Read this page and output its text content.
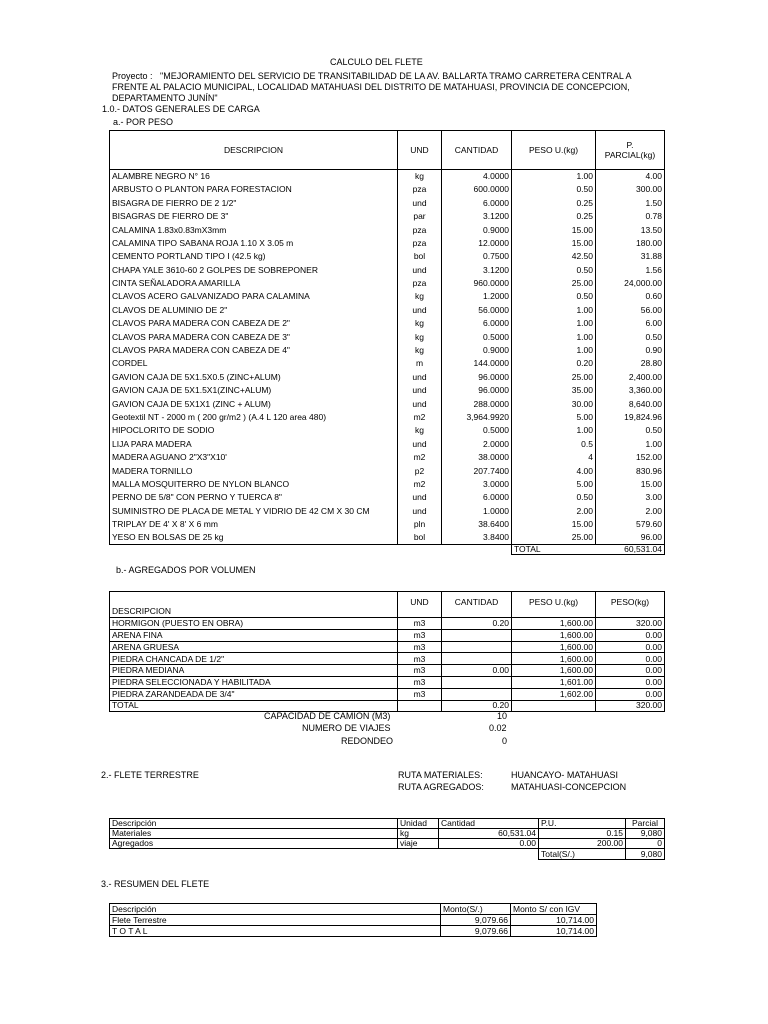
CALCULO DEL FLETE
Proyecto : "MEJORAMIENTO DEL SERVICIO DE TRANSITABILIDAD DE LA AV. BALLARTA TRAMO CARRETERA CENTRAL A
FRENTE AL PALACIO MUNICIPAL, LOCALIDAD MATAHUASI DEL DISTRITO DE MATAHUASI, PROVINCIA DE CONCEPCION,
DEPARTAMENTO JUNÍN"
1.0.- DATOS GENERALES DE CARGA
a.- POR PESO
DESCRIPCION	UND	CANTIDAD	PESO U.(kg)	P.
PARCIAL(kg)

ALAMBRE NEGRO N° 16	kg	4.0000	1.00	4.00
ARBUSTO O PLANTON PARA FORESTACION	pza	600.0000	0.50	300.00
BISAGRA DE FIERRO DE 2 1/2"	und	6.0000	0.25	1.50
BISAGRAS DE FIERRO DE 3"	par	3.1200	0.25	0.78
CALAMINA 1.83x0.83mX3mm	pza	0.9000	15.00	13.50
CALAMINA TIPO SABANA ROJA 1.10 X 3.05 m	pza	12.0000	15.00	180.00
CEMENTO PORTLAND TIPO I (42.5 kg)	bol	0.7500	42.50	31.88
CHAPA YALE 3610-60 2 GOLPES DE SOBREPONER	und	3.1200	0.50	1.56
CINTA SEÑALADORA AMARILLA	pza	960.0000	25.00	24,000.00
CLAVOS ACERO GALVANIZADO PARA CALAMINA	kg	1.2000	0.50	0.60
CLAVOS DE ALUMINIO DE 2"	und	56.0000	1.00	56.00
CLAVOS PARA MADERA CON CABEZA DE 2"	kg	6.0000	1.00	6.00
CLAVOS PARA MADERA CON CABEZA DE 3"	kg	0.5000	1.00	0.50
CLAVOS PARA MADERA CON CABEZA DE 4"	kg	0.9000	1.00	0.90
CORDEL	m	144.0000	0.20	28.80
GAVION CAJA DE 5X1.5X0.5 (ZINC+ALUM)	und	96.0000	25.00	2,400.00
GAVION CAJA DE 5X1.5X1(ZINC+ALUM)	und	96.0000	35.00	3,360.00
GAVION CAJA DE 5X1X1 (ZINC + ALUM)	und	288.0000	30.00	8,640.00
Geotextil NT - 2000 m ( 200 gr/m2 ) (A.4 L 120 area 480)	m2	3,964.9920	5.00	19,824.96
HIPOCLORITO DE SODIO	kg	0.5000	1.00	0.50
LIJA PARA MADERA	und	2.0000	0.5	1.00
MADERA AGUANO 2"X3"X10'	m2	38.0000	4	152.00
MADERA TORNILLO	p2	207.7400	4.00	830.96
MALLA MOSQUITERRO DE NYLON BLANCO	m2	3.0000	5.00	15.00
PERNO DE 5/8" CON PERNO Y TUERCA 8"	und	6.0000	0.50	3.00
SUMINISTRO DE PLACA DE METAL Y VIDRIO DE 42 CM X 30 CM	und	1.0000	2.00	2.00
TRIPLAY DE 4' X 8' X 6 mm	pln	38.6400	15.00	579.60
YESO EN BOLSAS DE 25 kg	bol	3.8400	25.00	96.00
			TOTAL	60,531.04
b.- AGREGADOS POR VOLUMEN
DESCRIPCION	UND	CANTIDAD	PESO U.(kg)	PESO(kg)
HORMIGON (PUESTO EN OBRA)	m3	0.20	1,600.00	320.00
ARENA FINA	m3		1,600.00	0.00
ARENA GRUESA	m3		1,600.00	0.00
PIEDRA CHANCADA DE 1/2"	m3		1,600.00	0.00
PIEDRA MEDIANA	m3	0.00	1,600.00	0.00
PIEDRA SELECCIONADA Y HABILITADA	m3		1,601.00	0.00
PIEDRA ZARANDEADA DE 3/4"	m3		1,602.00	0.00
TOTAL		0.20		320.00
CAPACIDAD DE CAMION (M3)	10
NUMERO DE VIAJES	0.02
REDONDEO	0
2.- FLETE TERRESTRE	RUTA MATERIALES:	HUANCAYO- MATAHUASI
RUTA AGREGADOS:	MATAHUASI-CONCEPCION
Descripción	Unidad	Cantidad	P.U.	Parcial
Materiales	kg	60,531.04	0.15	9,080
Agregados	viaje	0.00	200.00	0
			Total(S/.)	9,080
3.- RESUMEN DEL FLETE
Descripción	Monto(S/.)	Monto S/ con IGV
Flete Terrestre	9,079.66	10,714.00
T O T A L	9,079.66	10,714.00
